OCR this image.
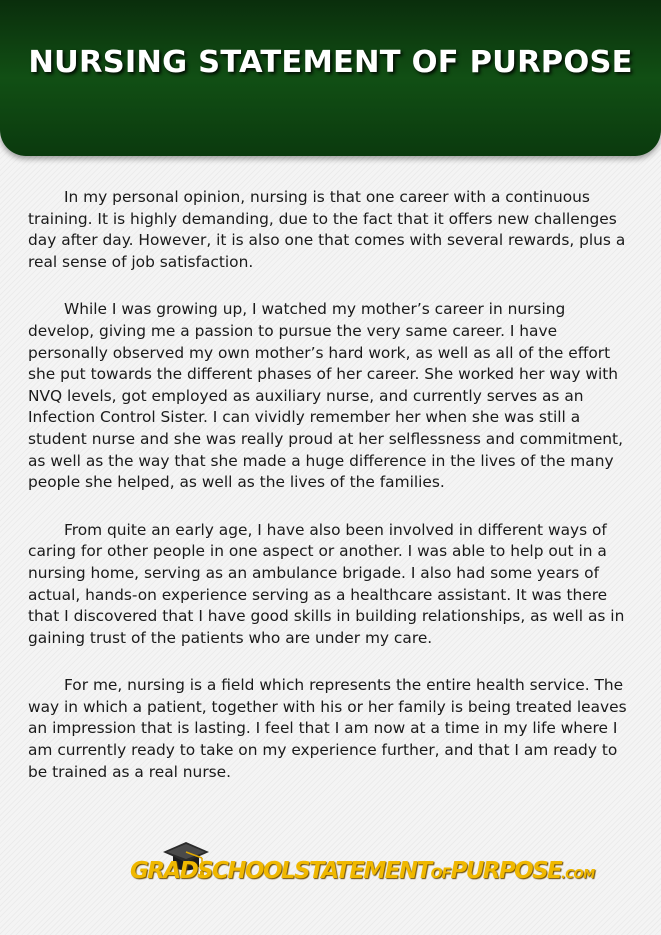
NURSING STATEMENT OF PURPOSE

In my personal opinion, nursing is that one career with a continuous training. It is highly demanding, due to the fact that it offers new challenges day after day. However, it is also one that comes with several rewards, plus a real sense of job satisfaction.

While I was growing up, I watched my mother’s career in nursing develop, giving me a passion to pursue the very same career. I have personally observed my own mother’s hard work, as well as all of the effort she put towards the different phases of her career. She worked her way with NVQ levels, got employed as auxiliary nurse, and currently serves as an Infection Control Sister. I can vividly remember her when she was still a student nurse and she was really proud at her selflessness and commitment, as well as the way that she made a huge difference in the lives of the many people she helped, as well as the lives of the families.

From quite an early age, I have also been involved in different ways of caring for other people in one aspect or another. I was able to help out in a nursing home, serving as an ambulance brigade. I also had some years of actual, hands-on experience serving as a healthcare assistant. It was there that I discovered that I have good skills in building relationships, as well as in gaining trust of the patients who are under my care.

For me, nursing is a field which represents the entire health service. The way in which a patient, together with his or her family is being treated leaves an impression that is lasting. I feel that I am now at a time in my life where I am currently ready to take on my experience further, and that I am ready to be trained as a real nurse.

GRADSCHOOLSTATEMENTOFPURPOSE.COM
